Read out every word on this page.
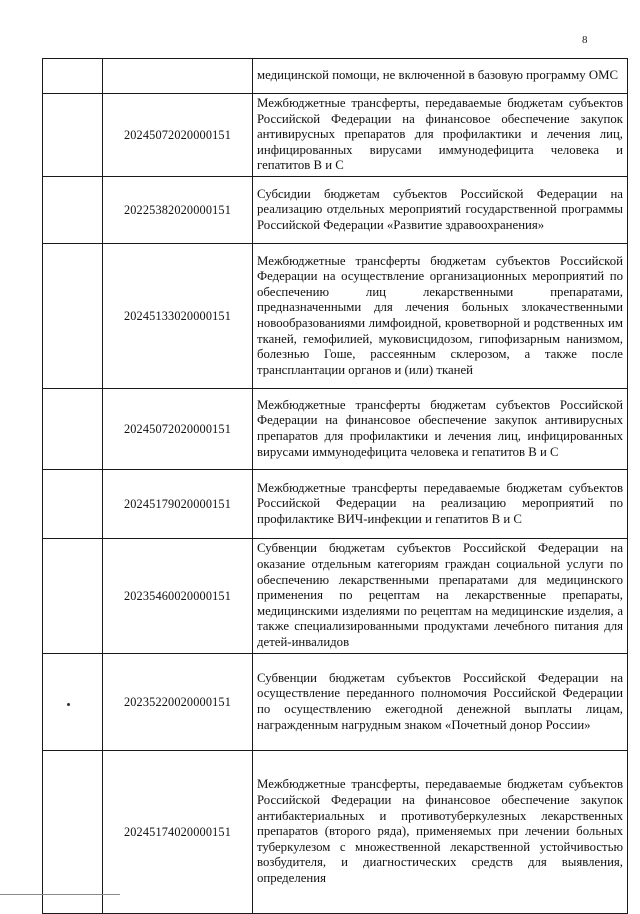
8
		медицинской помощи, не включенной в базовую программу ОМС
	20245072020000151	Межбюджетные трансферты, передаваемые бюджетам субъектов Российской Федерации на финансовое обеспечение закупок антивирусных препаратов для профилактики и лечения лиц, инфицированных вирусами иммунодефицита человека и гепатитов В и С
	20225382020000151	Субсидии бюджетам субъектов Российской Федерации на реализацию отдельных мероприятий государственной программы Российской Федерации «Развитие здравоохранения»
	20245133020000151	Межбюджетные трансферты бюджетам субъектов Российской Федерации на осуществление организационных мероприятий по обеспечению лиц лекарственными препаратами, предназначенными для лечения больных злокачественными новообразованиями лимфоидной, кроветворной и родственных им тканей, гемофилией, муковисцидозом, гипофизарным нанизмом, болезнью Гоше, рассеянным склерозом, а также после трансплантации органов и (или) тканей
	20245072020000151	Межбюджетные трансферты бюджетам субъектов Российской Федерации на финансовое обеспечение закупок антивирусных препаратов для профилактики и лечения лиц, инфицированных вирусами иммунодефицита человека и гепатитов В и С
	20245179020000151	Межбюджетные трансферты передаваемые бюджетам субъектов Российской Федерации на реализацию мероприятий по профилактике ВИЧ-инфекции и гепатитов В и С
	20235460020000151	Субвенции бюджетам субъектов Российской Федерации на оказание отдельным категориям граждан социальной услуги по обеспечению лекарственными препаратами для медицинского применения по рецептам на лекарственные препараты, медицинскими изделиями по рецептам на медицинские изделия, а также специализированными продуктами лечебного питания для детей-инвалидов
	20235220020000151	Субвенции бюджетам субъектов Российской Федерации на осуществление переданного полномочия Российской Федерации по осуществлению ежегодной денежной выплаты лицам, награжденным нагрудным знаком «Почетный донор России»
	20245174020000151	Межбюджетные трансферты, передаваемые бюджетам субъектов Российской Федерации на финансовое обеспечение закупок антибактериальных и противотуберкулезных лекарственных препаратов (второго ряда), применяемых при лечении больных туберкулезом с множественной лекарственной устойчивостью возбудителя, и диагностических средств для выявления, определения
